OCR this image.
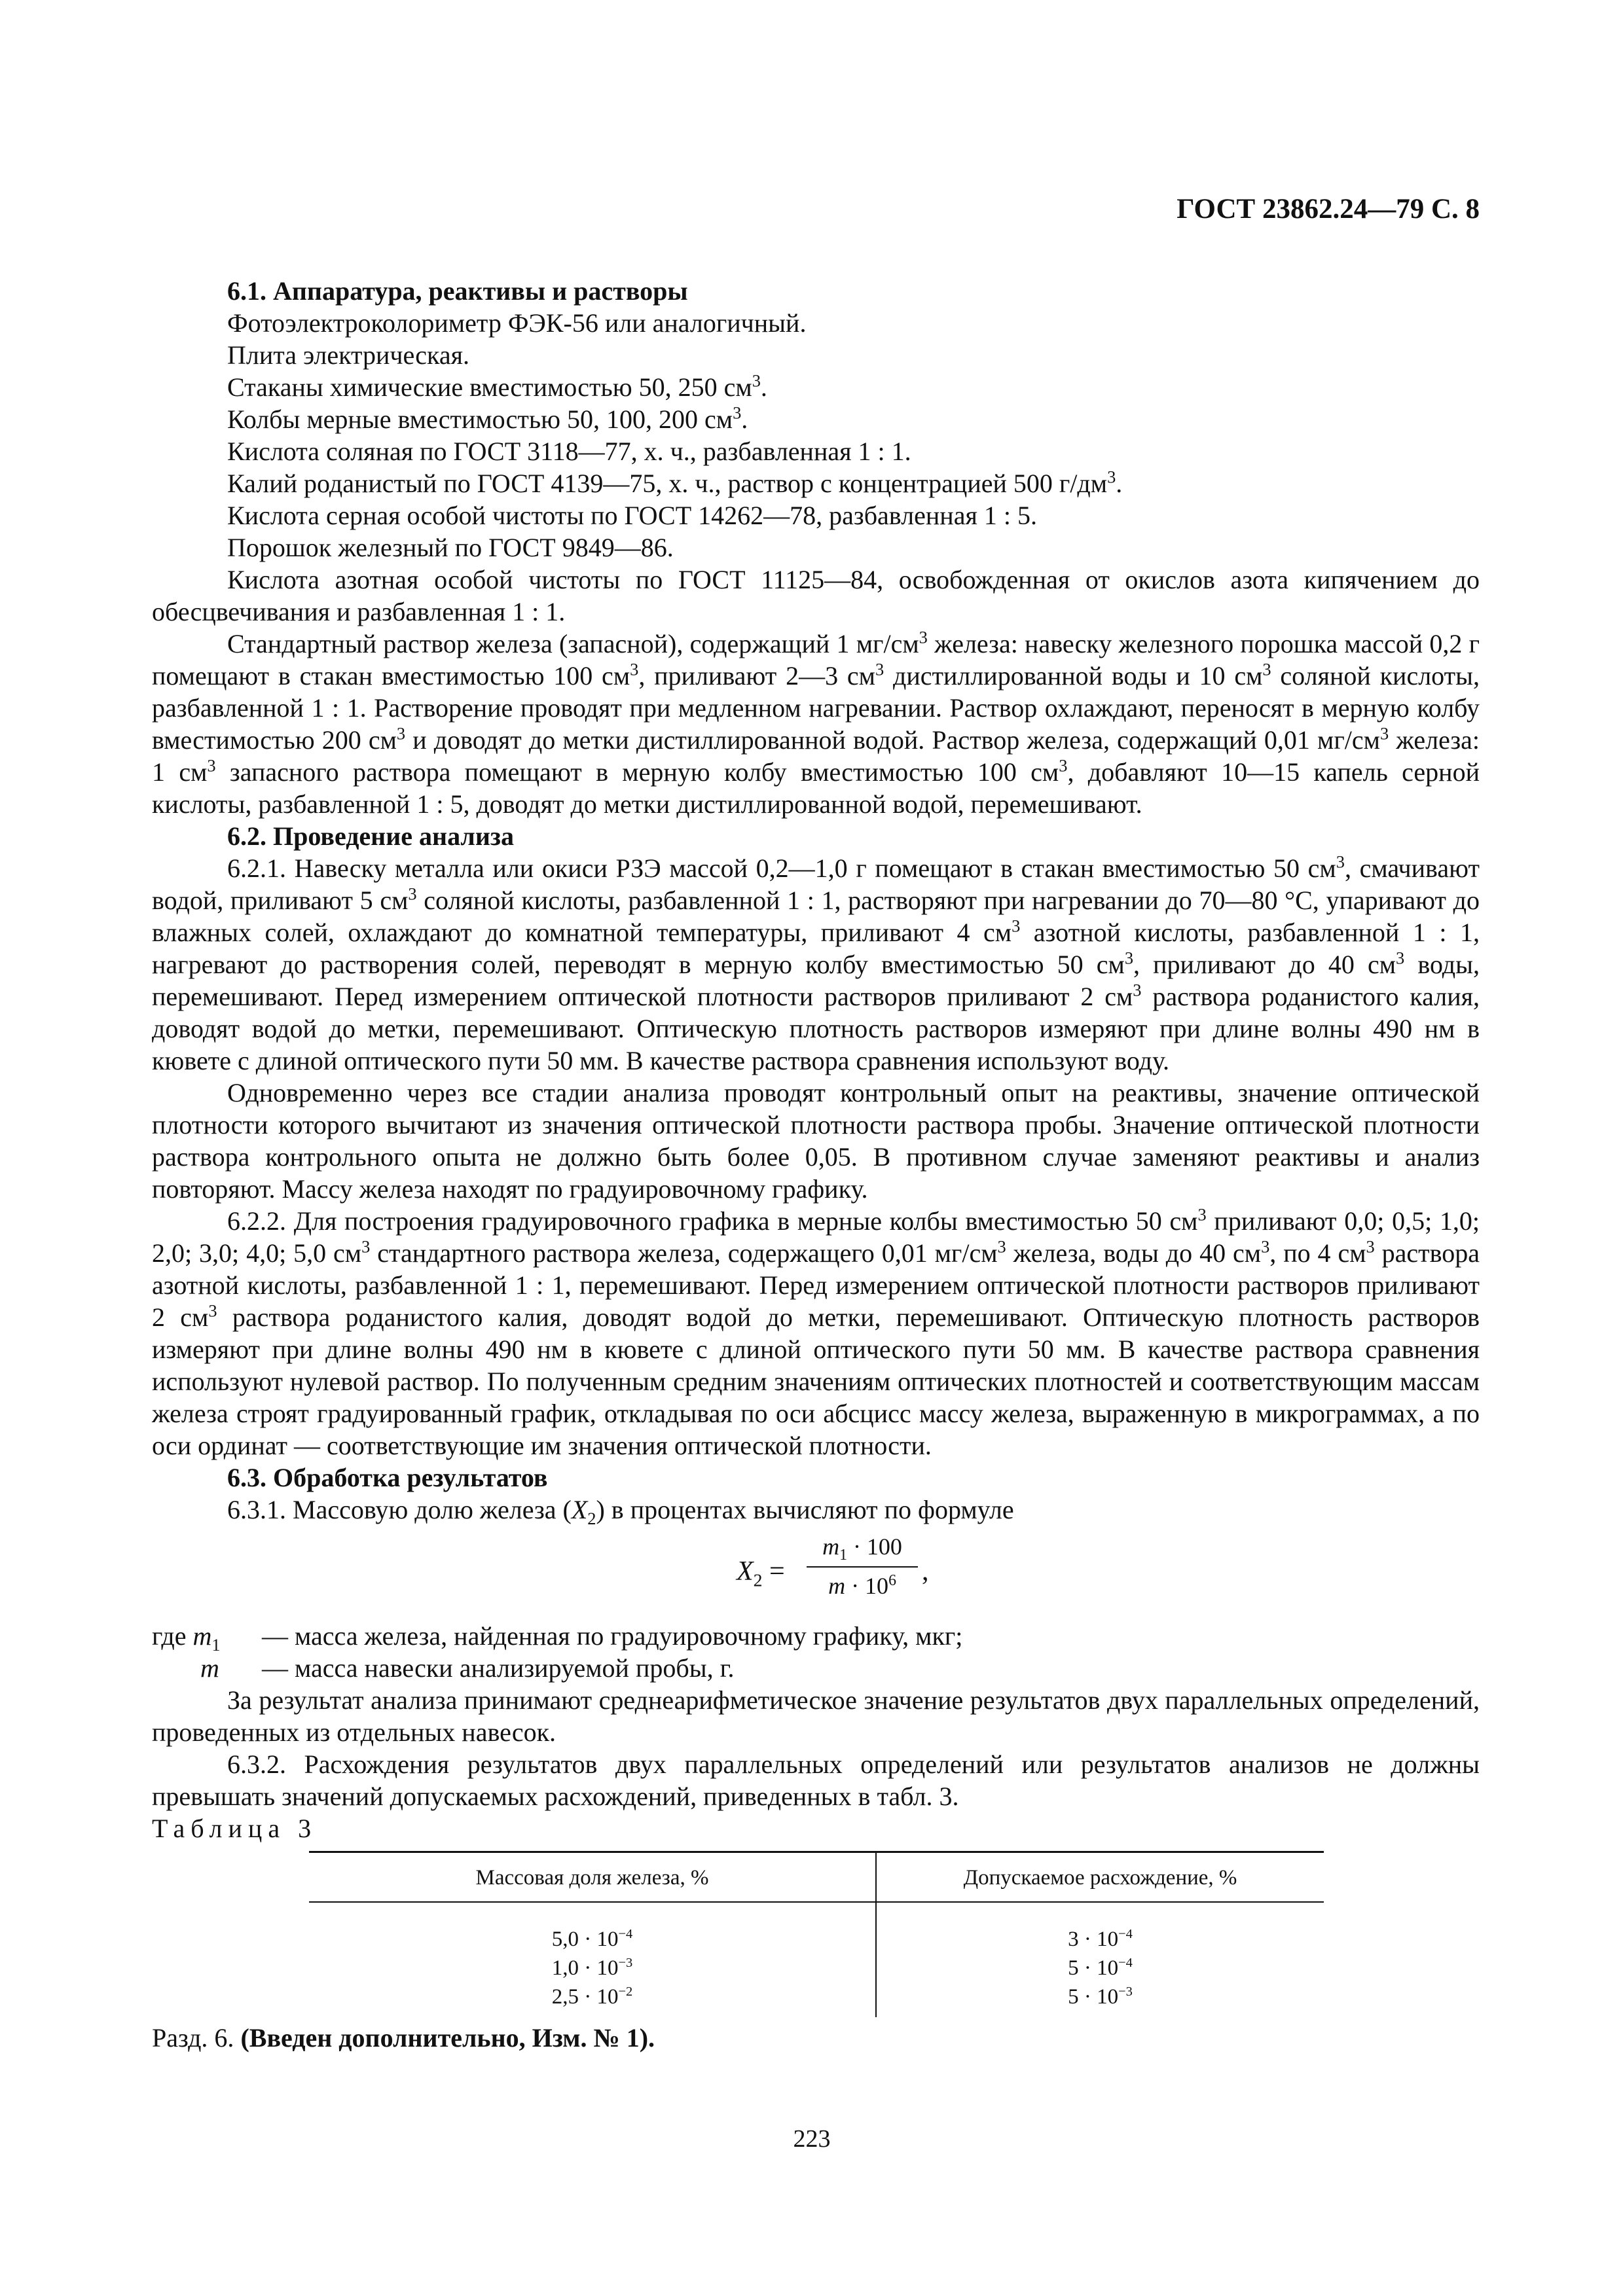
ГОСТ 23862.24—79 С. 8

6.1. Аппаратура, реактивы и растворы

Фотоэлектроколориметр ФЭК-56 или аналогичный.

Плита электрическая.

Стаканы химические вместимостью 50, 250 $см^3$.

Колбы мерные вместимостью 50, 100, 200 $см^3$.

Кислота соляная по ГОСТ 3118—77, х. ч., разбавленная 1 : 1.

Калий роданистый по ГОСТ 4139—75, х. ч., раствор с концентрацией 500 $г/дм^3$.

Кислота серная особой чистоты по ГОСТ 14262—78, разбавленная 1 : 5.

Порошок железный по ГОСТ 9849—86.

Кислота азотная особой чистоты по ГОСТ 11125—84, освобожденная от окислов азота кипячением до обесцвечивания и разбавленная 1 : 1.

Стандартный раствор железа (запасной), содержащий 1 $мг/см^3$ железа: навеску железного порошка массой 0,2 г помещают в стакан вместимостью 100 $см^3$, приливают 2—3 $см^3$ дистиллированной воды и 10 $см^3$ соляной кислоты, разбавленной 1 : 1. Растворение проводят при медленном нагревании. Раствор охлаждают, переносят в мерную колбу вместимостью 200 $см^3$ и доводят до метки дистиллированной водой. Раствор железа, содержащий 0,01 $мг/см^3$ железа: 1 $см^3$ запасного раствора помещают в мерную колбу вместимостью 100 $см^3$, добавляют 10—15 капель серной кислоты, разбавленной 1 : 5, доводят до метки дистиллированной водой, перемешивают.

6.2. Проведение анализа

6.2.1. Навеску металла или окиси РЗЭ массой 0,2—1,0 г помещают в стакан вместимостью 50 $см^3$, смачивают водой, приливают 5 $см^3$ соляной кислоты, разбавленной 1 : 1, растворяют при нагревании до 70—80 °С, упаривают до влажных солей, охлаждают до комнатной температуры, приливают 4 $см^3$ азотной кислоты, разбавленной 1 : 1, нагревают до растворения солей, переводят в мерную колбу вместимостью 50 $см^3$, приливают до 40 $см^3$ воды, перемешивают. Перед измерением оптической плотности растворов приливают 2 $см^3$ раствора роданистого калия, доводят водой до метки, перемешивают. Оптическую плотность растворов измеряют при длине волны 490 нм в кювете с длиной оптического пути 50 мм. В качестве раствора сравнения используют воду.

Одновременно через все стадии анализа проводят контрольный опыт на реактивы, значение оптической плотности которого вычитают из значения оптической плотности раствора пробы. Значение оптической плотности раствора контрольного опыта не должно быть более 0,05. В противном случае заменяют реактивы и анализ повторяют. Массу железа находят по градуировочному графику.

6.2.2. Для построения градуировочного графика в мерные колбы вместимостью 50 $см^3$ приливают 0,0; 0,5; 1,0; 2,0; 3,0; 4,0; 5,0 $см^3$ стандартного раствора железа, содержащего 0,01 $мг/см^3$ железа, воды до 40 $см^3$, по 4 $см^3$ раствора азотной кислоты, разбавленной 1 : 1, перемешивают. Перед измерением оптической плотности растворов приливают 2 $см^3$ раствора роданистого калия, доводят водой до метки, перемешивают. Оптическую плотность растворов измеряют при длине волны 490 нм в кювете с длиной оптического пути 50 мм. В качестве раствора сравнения используют нулевой раствор. По полученным средним значениям оптических плотностей и соответствующим массам железа строят градуированный график, откладывая по оси абсцисс массу железа, выраженную в микрограммах, а по оси ординат — соответствующие им значения оптической плотности.

6.3. Обработка результатов

6.3.1. Массовую долю железа $(X_2)$ в процентах вычисляют по формуле

$X_2$ =
$m_1 \cdot 100$
$m \cdot 10^6$ ,
где $m_1$	— масса железа, найденная по градуировочному графику, мкг;
m — масса навески анализируемой пробы, г.

За результат анализа принимают среднеарифметическое значение результатов двух параллельных определений, проведенных из отдельных навесок.

6.3.2. Расхождения результатов двух параллельных определений или результатов анализов не должны превышать значений допускаемых расхождений, приведенных в табл. 3.

Таблица 3

Массовая доля железа, %	Допускаемое расхождение, %
$5,0 \cdot 10^{-4}$	$3 \cdot 10^{-4}$
$1,0 \cdot 10^{-3}$	$5 \cdot 10^{-4}$
$2,5 \cdot 10^{-2}$	$5 \cdot 10^{-3}$

Разд. 6. (Введен дополнительно, Изм. № 1).

223
